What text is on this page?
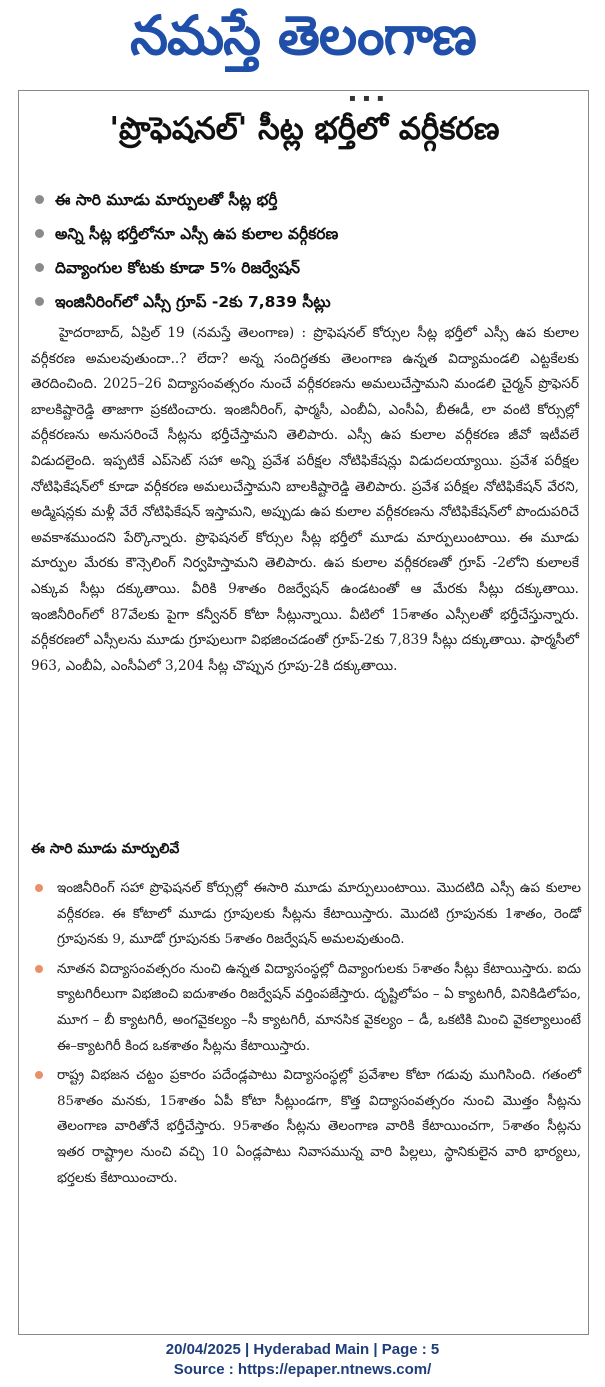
నమస్తే తెలంగాణ
▪ ▪ ▪
'ప్రొఫెషనల్' సీట్ల భర్తీలో వర్గీకరణ
ఈ సారి మూడు మార్పులతో సీట్ల భర్తీ
అన్ని సీట్ల భర్తీలోనూ ఎస్సీ ఉప కులాల వర్గీకరణ
దివ్యాంగుల కోటకు కూడా 5% రిజర్వేషన్
ఇంజినీరింగ్‌లో ఎస్సీ గ్రూప్ -2కు 7,839 సీట్లు

హైదరాబాద్, ఏప్రిల్ 19 (నమస్తే తెలంగాణ) : ప్రొఫెషనల్ కోర్సుల సీట్ల భర్తీలో ఎస్సీ ఉప కులాల వర్గీకరణ అమలవుతుందా..? లేదా? అన్న సందిగ్ధతకు తెలంగాణ ఉన్నత విద్యామండలి ఎట్టకేలకు తెరదించింది. 2025–26 విద్యాసంవత్సరం నుంచే వర్గీకరణను అమలుచేస్తామని మండలి చైర్మన్ ప్రొఫెసర్ బాలకిష్టారెడ్డి తాజాగా ప్రకటించారు. ఇంజినీరింగ్, ఫార్మసీ, ఎంబీఏ, ఎంసీఏ, బీఈడీ, లా వంటి కోర్సుల్లో వర్గీకరణను అనుసరించే సీట్లను భర్తీచేస్తామని తెలిపారు. ఎస్సీ ఉప కులాల వర్గీకరణ జీవో ఇటీవలే విడుదలైంది. ఇప్పటికే ఎప్‌సెట్ సహా అన్ని ప్రవేశ పరీక్షల నోటిఫికేషన్లు విడుదలయ్యాయి. ప్రవేశ పరీక్షల నోటిఫికేషన్‌లో కూడా వర్గీకరణ అమలుచేస్తామని బాలకిష్టారెడ్డి తెలిపారు. ప్రవేశ పరీక్షల నోటిఫికేషన్ వేరని, అడ్మిషన్లకు మళ్లీ వేరే నోటిఫికేషన్ ఇస్తామని, అప్పుడు ఉప కులాల వర్గీకరణను నోటిఫికేషన్‌లో పొందుపరిచే అవకాశముందని పేర్కొన్నారు. ప్రొఫెషనల్ కోర్సుల సీట్ల భర్తీలో మూడు మార్పులుంటాయి. ఈ మూడు మార్పుల మేరకు కౌన్సెలింగ్ నిర్వహిస్తామని తెలిపారు. ఉప కులాల వర్గీకరణతో గ్రూప్ -2లోని కులాలకే ఎక్కువ సీట్లు దక్కుతాయి. వీరికి 9శాతం రిజర్వేషన్ ఉండటంతో ఆ మేరకు సీట్లు దక్కుతాయి. ఇంజినీరింగ్‌లో 87వేలకు పైగా కన్వీనర్ కోటా సీట్లున్నాయి. వీటిలో 15శాతం ఎస్సీలతో భర్తీచేస్తున్నారు. వర్గీకరణలో ఎస్సీలను మూడు గ్రూపులుగా విభజించడంతో గ్రూప్-2కు 7,839 సీట్లు దక్కుతాయి. ఫార్మసీలో 963, ఎంబీఏ, ఎంసీఏలో 3,204 సీట్ల చొప్పున గ్రూపు-2కి దక్కుతాయి.

ఈ సారి మూడు మార్పులివే
ఇంజినీరింగ్ సహా ప్రొఫెషనల్ కోర్సుల్లో ఈసారి మూడు మార్పులుంటాయి. మొదటిది ఎస్సీ ఉప కులాల వర్గీకరణ. ఈ కోటాలో మూడు గ్రూపులకు సీట్లను కేటాయిస్తారు. మొదటి గ్రూపునకు 1శాతం, రెండో గ్రూపునకు 9, మూడో గ్రూపునకు 5శాతం రిజర్వేషన్ అమలవుతుంది.
నూతన విద్యాసంవత్సరం నుంచి ఉన్నత విద్యాసంస్థల్లో దివ్యాంగులకు 5శాతం సీట్లు కేటాయిస్తారు. ఐదు క్యాటగిరీలుగా విభజించి ఐదుశాతం రిజర్వేషన్ వర్తింపజేస్తారు. దృష్టిలోపం – ఏ క్యాటగిరీ, వినికిడిలోపం, మూగ – బీ క్యాటగిరీ, అంగవైకల్యం –సీ క్యాటగిరీ, మానసిక వైకల్యం – డీ, ఒకటికి మించి వైకల్యాలుంటే ఈ–క్యాటగిరీ కింద ఒకశాతం సీట్లను కేటాయిస్తారు.
రాష్ట్ర విభజన చట్టం ప్రకారం పదేండ్లపాటు విద్యాసంస్థల్లో ప్రవేశాల కోటా గడువు ముగిసింది. గతంలో 85శాతం మనకు, 15శాతం ఏపీ కోటా సీట్లుండగా, కొత్త విద్యాసంవత్సరం నుంచి మొత్తం సీట్లను తెలంగాణ వారితోనే భర్తీచేస్తారు. 95శాతం సీట్లను తెలంగాణ వారికి కేటాయించగా, 5శాతం సీట్లను ఇతర రాష్ట్రాల నుంచి వచ్చి 10 ఏండ్లపాటు నివాసమున్న వారి పిల్లలు, స్థానికులైన వారి భార్యలు, భర్తలకు కేటాయించారు.
20/04/2025 | Hyderabad Main | Page : 5
Source : https://epaper.ntnews.com/
